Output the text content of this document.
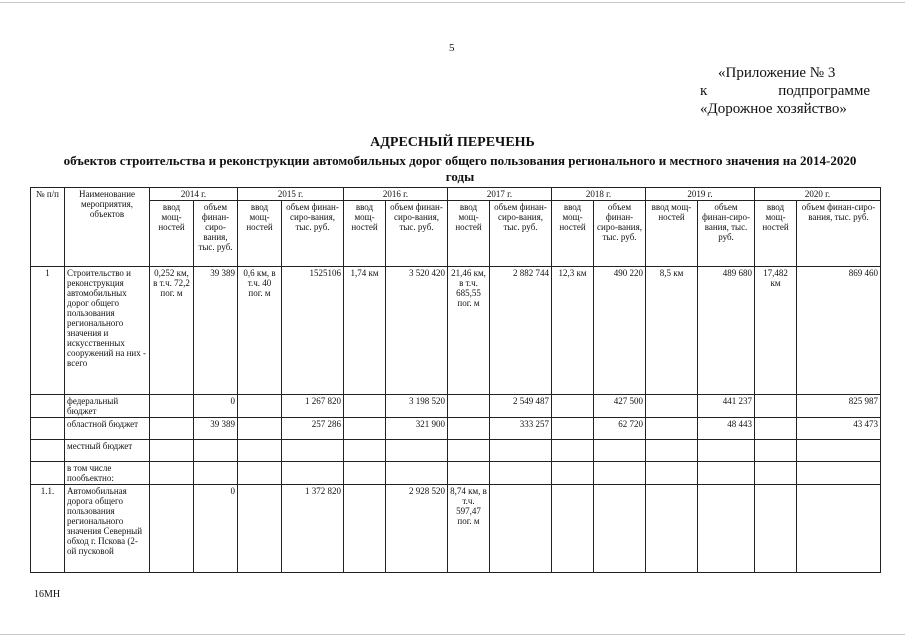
5
«Приложение № 3
к	подпрограмме
«Дорожное хозяйство»
АДРЕСНЫЙ ПЕРЕЧЕНЬ
объектов строительства и реконструкции автомобильных дорог общего пользования регионального и местного значения на 2014-2020 годы
№ п/п	Наименование мероприятия, объектов	2014 г.		2015 г.		2016 г.		2017 г.		2018 г.		2019 г.		2020 г.	
		ввод мощ-ностей	объем финан-сиро-вания, тыс. руб.	ввод мощ-ностей	объем финан-сиро-вания, тыс. руб.	ввод мощ-ностей	объем финан-сиро-вания, тыс. руб.	ввод мощ-ностей	объем финан-сиро-вания, тыс. руб.	ввод мощ-ностей	объем финан-сиро-вания, тыс. руб.	ввод мощ-ностей	объем финан-сиро-вания, тыс. руб.	ввод мощ-ностей	объем финан-сиро-вания, тыс. руб.
1	Строительство и реконструкция автомобильных дорог общего пользования регионального значения и искусственных сооружений на них - всего	0,252 км, в т.ч. 72,2 пог. м	39 389	0,6 км, в т.ч. 40 пог. м	1525106	1,74 км	3 520 420	21,46 км, в т.ч. 685,55 пог. м	2 882 744	12,3 км	490 220	8,5 км	489 680	17,482 км	869 460
	федеральный бюджет		0		1 267 820		3 198 520		2 549 487		427 500		441 237		825 987
	областной бюджет		39 389		257 286		321 900		333 257		62 720		48 443		43 473
	местный бюджет														
	в том числе пообъектно:														
1.1.	Автомобильная дорога общего пользования регионального значения Северный обход г. Пскова (2-ой пусковой		0		1 372 820		2 928 520	8,74 км, в т.ч. 597,47 пог. м							
16МН
